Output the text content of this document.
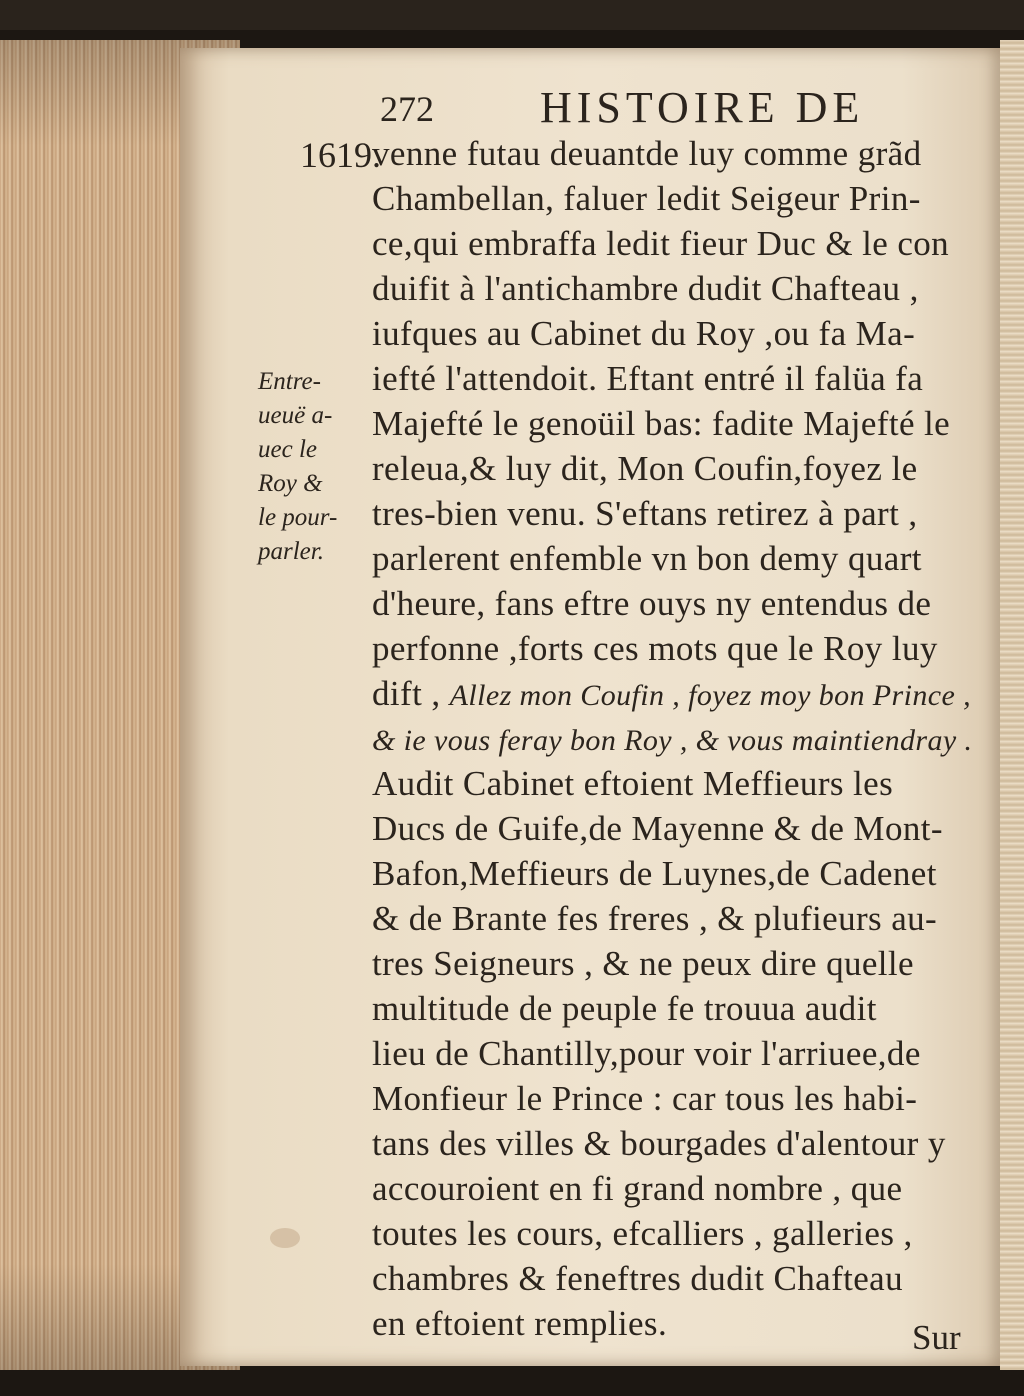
272 HISTOIRE DE
1619.
Entre-
ueuë a-
uec le
Roy &
le pour-
parler.
venne futau deuantde luy comme grãd
Chambellan, faluer ledit Seigeur Prin-
ce,qui embraffa ledit fieur Duc & le con
duifit à l'antichambre dudit Chafteau ,
iufques au Cabinet du Roy ,ou fa Ma-
iefté l'attendoit. Eftant entré il falüa fa
Majefté le genoüil bas: fadite Majefté le
releua,& luy dit, Mon Coufin,foyez le
tres-bien venu. S'eftans retirez à part ,
parlerent enfemble vn bon demy quart
d'heure, fans eftre ouys ny entendus de
perfonne ,forts ces mots que le Roy luy
dift , Allez mon Coufin , foyez moy bon Prince ,
& ie vous feray bon Roy , & vous maintiendray .
Audit Cabinet eftoient Meffieurs les
Ducs de Guife,de Mayenne & de Mont-
Bafon,Meffieurs de Luynes,de Cadenet
& de Brante fes freres , & plufieurs au-
tres Seigneurs , & ne peux dire quelle
multitude de peuple fe trouua audit
lieu de Chantilly,pour voir l'arriuee,de
Monfieur le Prince : car tous les habi-
tans des villes & bourgades d'alentour y
accouroient en fi grand nombre , que
toutes les cours, efcalliers , galleries ,
chambres & feneftres dudit Chafteau
en eftoient remplies.	Sur
